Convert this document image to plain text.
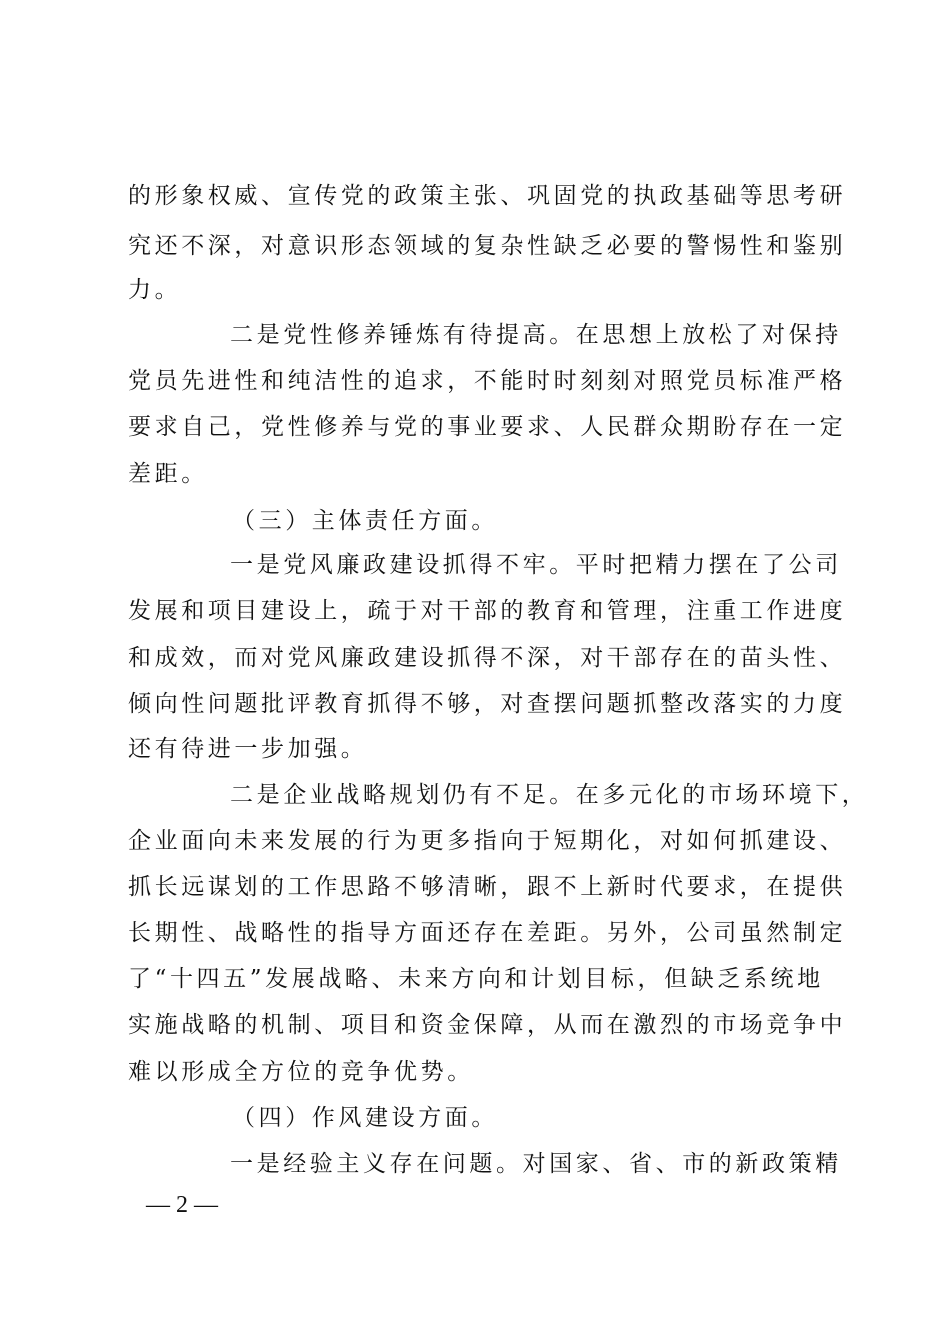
的形象权威、宣传党的政策主张、巩固党的执政基础等思考研
究还不深，对意识形态领域的复杂性缺乏必要的警惕性和鉴别
力。
二是党性修养锤炼有待提高。在思想上放松了对保持
党员先进性和纯洁性的追求，不能时时刻刻对照党员标准严格
要求自己，党性修养与党的事业要求、人民群众期盼存在一定
差距。
（三）主体责任方面。
一是党风廉政建设抓得不牢。平时把精力摆在了公司
发展和项目建设上，疏于对干部的教育和管理，注重工作进度
和成效，而对党风廉政建设抓得不深，对干部存在的苗头性、
倾向性问题批评教育抓得不够，对查摆问题抓整改落实的力度
还有待进一步加强。
二是企业战略规划仍有不足。在多元化的市场环境下，
企业面向未来发展的行为更多指向于短期化，对如何抓建设、
抓长远谋划的工作思路不够清晰，跟不上新时代要求，在提供
长期性、战略性的指导方面还存在差距。另外，公司虽然制定
了“十四五”发展战略、未来方向和计划目标，但缺乏系统地
实施战略的机制、项目和资金保障，从而在激烈的市场竞争中
难以形成全方位的竞争优势。
（四）作风建设方面。
一是经验主义存在问题。对国家、省、市的新政策精
— 2 —
